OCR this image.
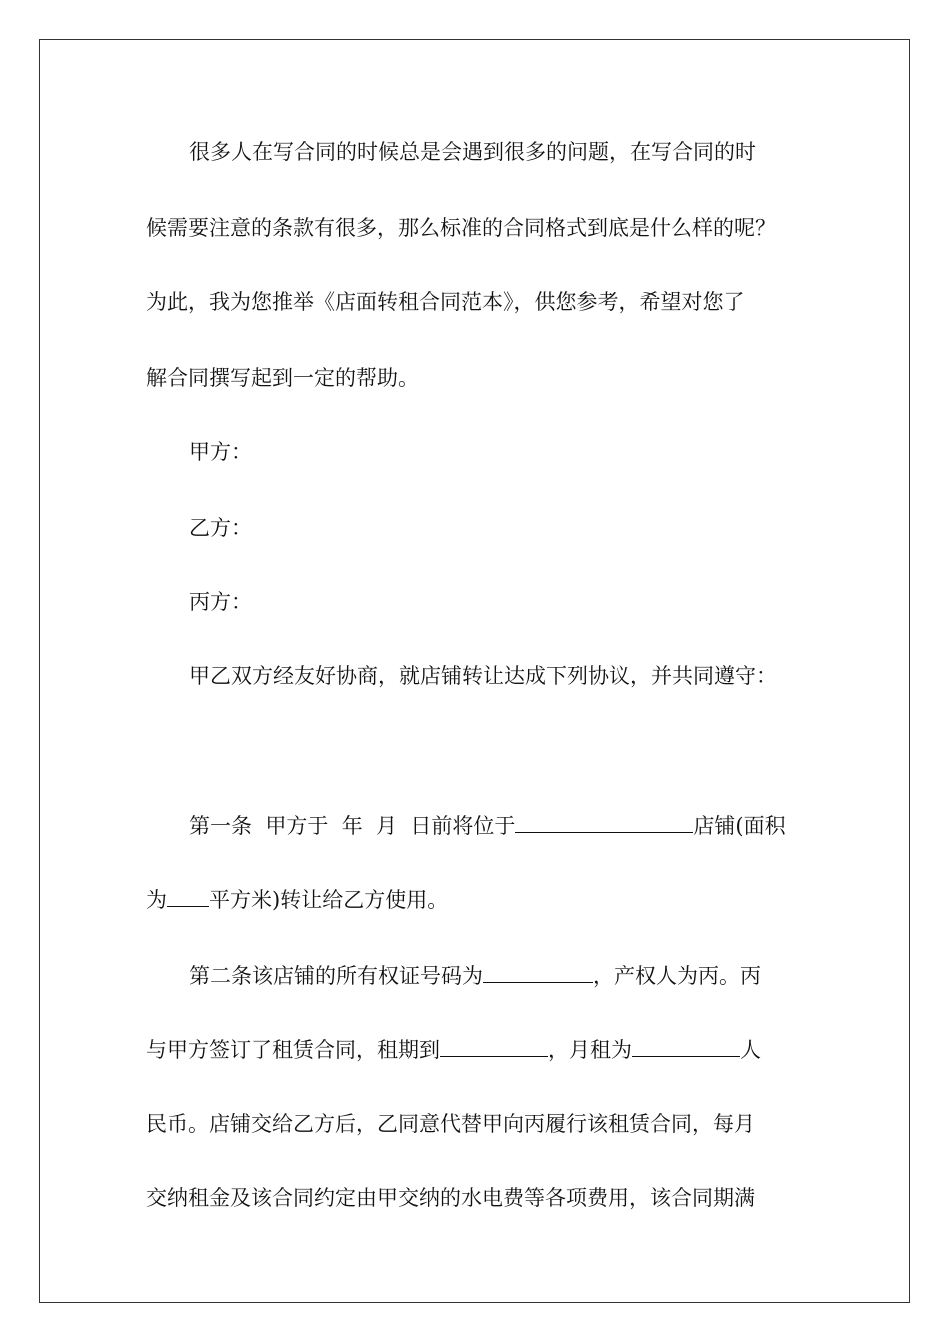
很多人在写合同的时候总是会遇到很多的问题，在写合同的时
候需要注意的条款有很多，那么标准的合同格式到底是什么样的呢？
为此，我为您推举《店面转租合同范本》，供您参考，希望对您了
解合同撰写起到一定的帮助。
甲方：
乙方：
丙方：
甲乙双方经友好协商，就店铺转让达成下列协议，并共同遵守：
第一条  甲方于  年  月  日前将位于	店铺(面积
为 平方米)转让给乙方使用。
第二条该店铺的所有权证号码为	，产权人为丙。丙
与甲方签订了租赁合同，租期到	，月租为	人
民币。店铺交给乙方后，乙同意代替甲向丙履行该租赁合同，每月
交纳租金及该合同约定由甲交纳的水电费等各项费用，该合同期满
